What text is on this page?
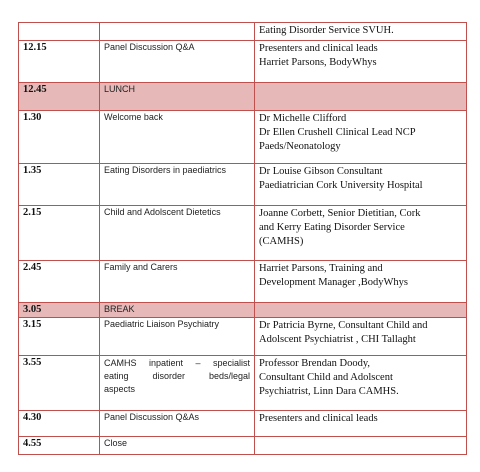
		Eating Disorder Service SVUH.

12.15	Panel Discussion Q&A	Presenters and clinical leads
Harriet Parsons, BodyWhys

12.45	LUNCH	
1.30	Welcome back	Dr Michelle Clifford
Dr Ellen Crushell Clinical Lead NCP
Paeds/Neonatology

1.35	Eating Disorders in paediatrics	Dr Louise Gibson Consultant
Paediatrician Cork University Hospital

2.15	Child and Adolscent Dietetics	Joanne Corbett, Senior Dietitian, Cork
and Kerry Eating Disorder Service
(CAMHS)

2.45	Family and Carers	Harriet Parsons, Training and
Development Manager ,BodyWhys

3.05	BREAK	
3.15	Paediatric Liaison Psychiatry	Dr Patricia Byrne, Consultant Child and
Adolscent Psychiatrist , CHI Tallaght

3.55	CAMHS inpatient – specialist
eating disorder beds/legal
aspects	Professor Brendan Doody,
Consultant Child and Adolscent
Psychiatrist, Linn Dara CAMHS.

4.30	Panel Discussion Q&As	Presenters and clinical leads

4.55	Close	
